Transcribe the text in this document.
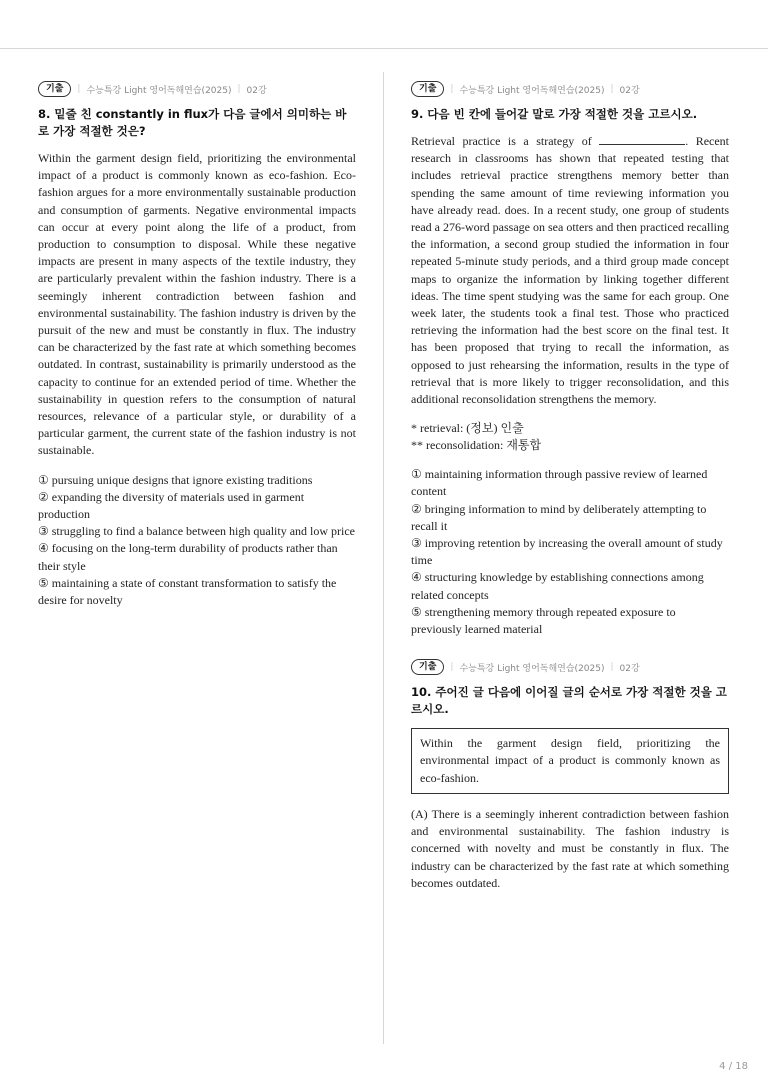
기출	| 수능특강 Light 영어독해연습(2025) | 02강
8. 밑줄 친 constantly in flux가 다음 글에서 의미하는 바로 가장 적절한 것은?

Within the garment design field, prioritizing the environmental impact of a product is commonly known as eco-fashion. Eco-fashion argues for a more environmentally sustainable production and consumption of garments. Negative environmental impacts can occur at every point along the life of a product, from production to consumption to disposal. While these negative impacts are present in many aspects of the textile industry, they are particularly prevalent within the fashion industry. There is a seemingly inherent contradiction between fashion and environmental sustainability. The fashion industry is driven by the pursuit of the new and must be constantly in flux. The industry can be characterized by the fast rate at which something becomes outdated. In contrast, sustainability is primarily understood as the capacity to continue for an extended period of time. Whether the sustainability in question refers to the consumption of natural resources, relevance of a particular style, or durability of a particular garment, the current state of the fashion industry is not sustainable.

① pursuing unique designs that ignore existing traditions
② expanding the diversity of materials used in garment production
③ struggling to find a balance between high quality and low price
④ focusing on the long-term durability of products rather than their style
⑤ maintaining a state of constant transformation to satisfy the desire for novelty
기출	| 수능특강 Light 영어독해연습(2025) | 02강
9. 다음 빈 칸에 들어갈 말로 가장 적절한 것을 고르시오.

Retrieval practice is a strategy of	. Recent research in classrooms has shown that repeated testing that includes retrieval practice strengthens memory better than spending the same amount of time reviewing information you have already read. does. In a recent study, one group of students read a 276-word passage on sea otters and then practiced recalling the information, a second group studied the information in four repeated 5-minute study periods, and a third group made concept maps to organize the information by linking together different ideas. The time spent studying was the same for each group. One week later, the students took a final test. Those who practiced retrieving the information had the best score on the final test. It has been proposed that trying to recall the information, as opposed to just rehearsing the information, results in the type of retrieval that is more likely to trigger reconsolidation, and this additional reconsolidation strengthens the memory.

* retrieval: (정보) 인출
** reconsolidation: 재통합
① maintaining information through passive review of learned content
② bringing information to mind by deliberately attempting to recall it
③ improving retention by increasing the overall amount of study time
④ structuring knowledge by establishing connections among related concepts
⑤ strengthening memory through repeated exposure to previously learned material
기출	| 수능특강 Light 영어독해연습(2025) | 02강
10. 주어진 글 다음에 이어질 글의 순서로 가장 적절한 것을 고르시오.
Within the garment design field, prioritizing the environmental impact of a product is commonly known as eco-fashion.

(A) There is a seemingly inherent contradiction between fashion and environmental sustainability. The fashion industry is concerned with novelty and must be constantly in flux. The industry can be characterized by the fast rate at which something becomes outdated.

4 / 18
